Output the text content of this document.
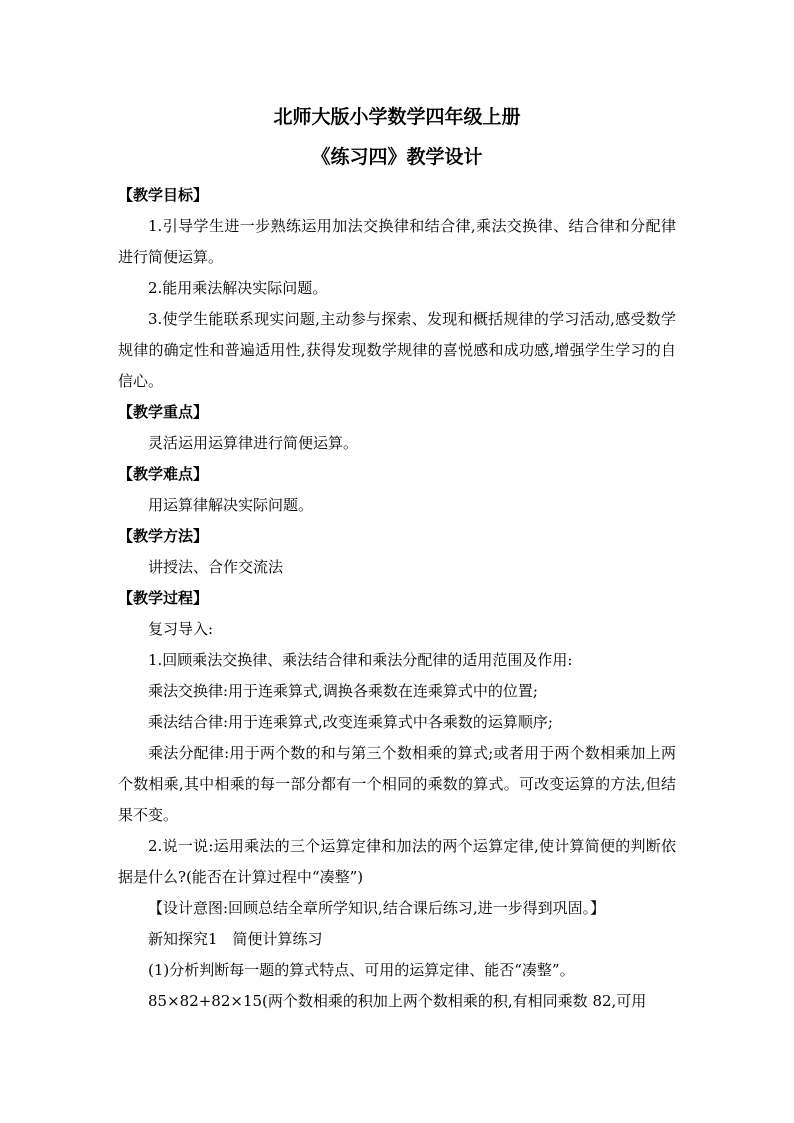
北师大版小学数学四年级上册
《练习四》教学设计

【教学目标】

1.引导学生进一步熟练运用加法交换律和结合律,乘法交换律、结合律和分配律进行简便运算。

2.能用乘法解决实际问题。

3.使学生能联系现实问题,主动参与探索、发现和概括规律的学习活动,感受数学规律的确定性和普遍适用性,获得发现数学规律的喜悦感和成功感,增强学生学习的自信心。

【教学重点】

灵活运用运算律进行简便运算。

【教学难点】

用运算律解决实际问题。

【教学方法】

讲授法、合作交流法

【教学过程】

复习导入:

1.回顾乘法交换律、乘法结合律和乘法分配律的适用范围及作用:

乘法交换律:用于连乘算式,调换各乘数在连乘算式中的位置;

乘法结合律:用于连乘算式,改变连乘算式中各乘数的运算顺序;

乘法分配律:用于两个数的和与第三个数相乘的算式;或者用于两个数相乘加上两个数相乘,其中相乘的每一部分都有一个相同的乘数的算式。可改变运算的方法,但结果不变。

2.说一说:运用乘法的三个运算定律和加法的两个运算定律,使计算简便的判断依据是什么?(能否在计算过程中“凑整”)

【设计意图:回顾总结全章所学知识,结合课后练习,进一步得到巩固。】

新知探究1　简便计算练习

(1)分析判断每一题的算式特点、可用的运算定律、能否“凑整”。

85×82+82×15(两个数相乘的积加上两个数相乘的积,有相同乘数 82,可用
